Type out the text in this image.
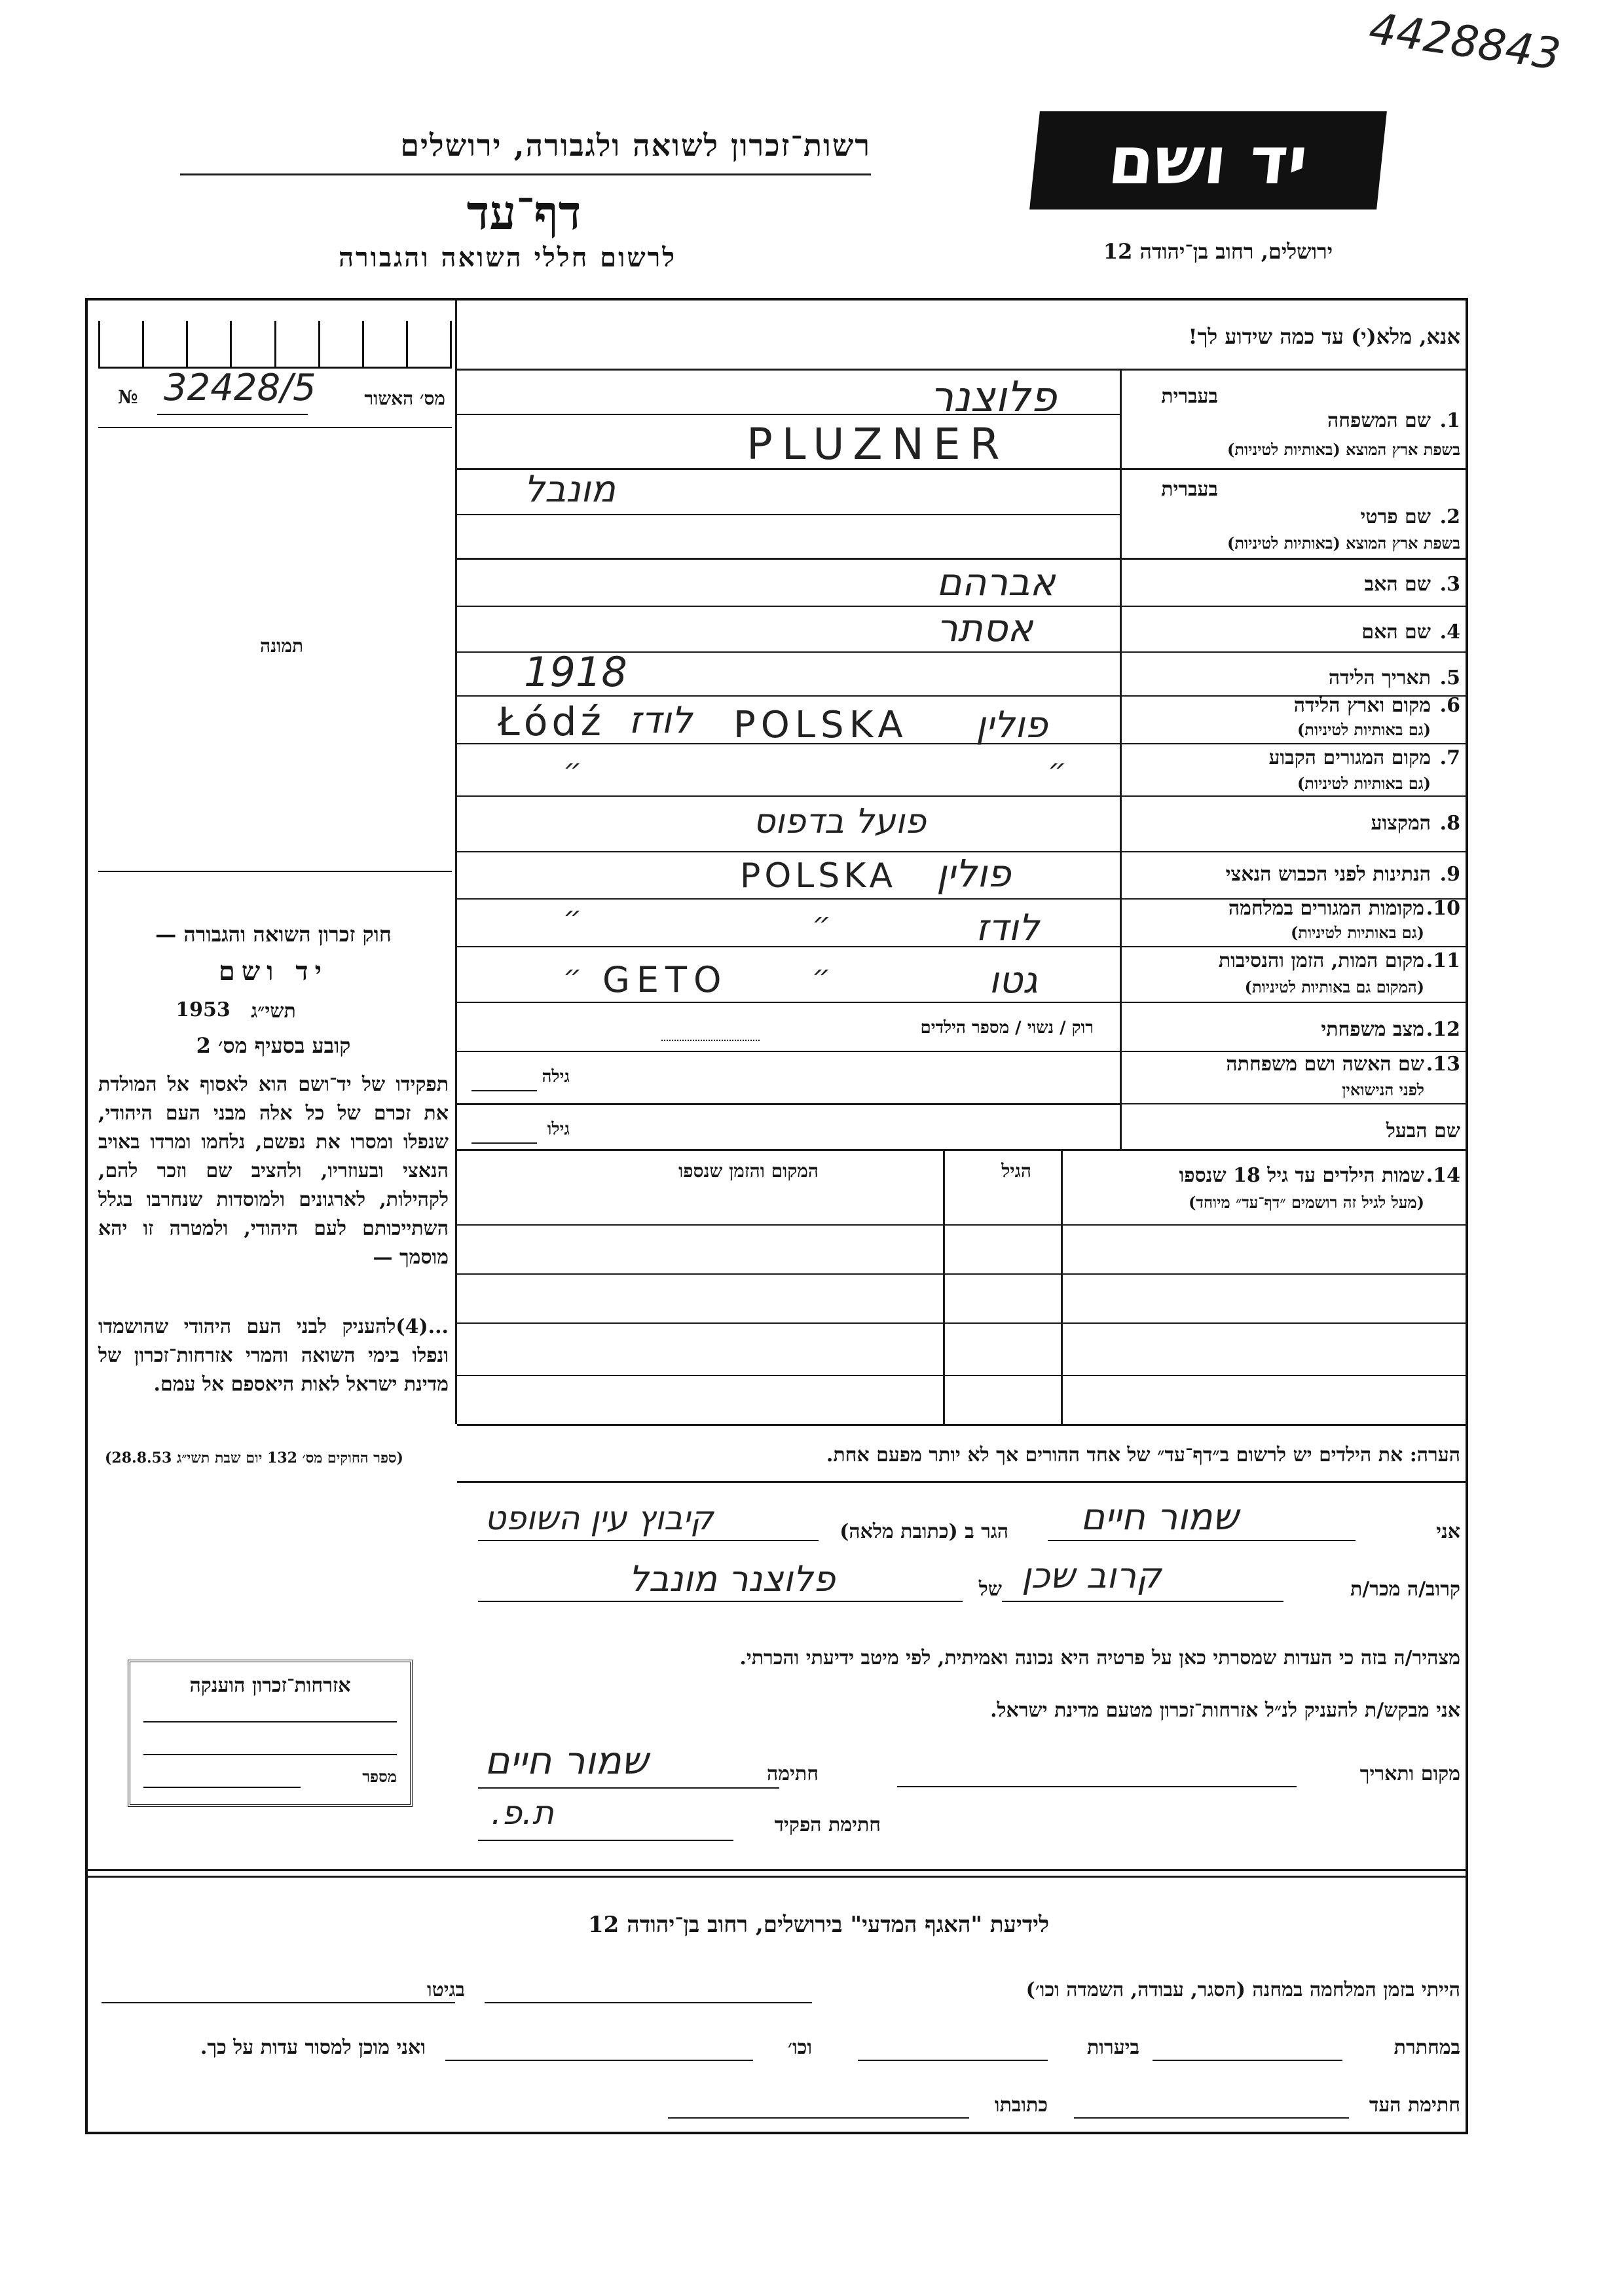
4428843
יד ושם
ירושלים, רחוב בן־יהודה 12
רשות־זכרון לשואה ולגבורה, ירושלים
דף־עד
לרשום חללי השואה והגבורה
№ 32428/5	מס׳ האשור
תמונה
חוק זכרון השואה והגבורה —
יד ושם
תשי״ג
1953
קובע בסעיף מס׳ 2
תפקידו של יד־ושם הוא לאסוף אל המולדת את זכרם של כל אלה מבני העם היהודי, שנפלו ומסרו את נפשם, נלחמו ומרדו באויב הנאצי ובעוזריו, ולהציב שם וזכר להם, לקהילות, לארגונים ולמוסדות שנחרבו בגלל השתייכותם לעם היהודי, ולמטרה זו יהא מוסמך —
...(4)להעניק לבני העם היהודי שהושמדו ונפלו בימי השואה והמרי אזרחות־זכרון של מדינת ישראל לאות היאספם אל עמם.
(ספר החוקים מס׳ 132 יום שבת תשי״ג 28.8.53)
אנא, מלא(י) עד כמה שידוע לך!
בעברית
1.
שם המשפחה
בשפת ארץ המוצא (באותיות לטיניות)
פלוצנר
PLUZNER
בעברית
2.
שם פרטי
בשפת ארץ המוצא (באותיות לטיניות)
מונבל
3.
שם האב
אברהם
4.
שם האם
אסתר
5.
תאריך הלידה
1918
6.
מקום וארץ הלידה
(גם באותיות לטיניות)
Łódź לודז POLSKA פולין
7.
מקום המגורים הקבוע
(גם באותיות לטיניות)
״	״
8.
המקצוע
פועל בדפוס
9.
הנתינות לפני הכבוש הנאצי
POLSKA פולין
10.
מקומות המגורים במלחמה
(גם באותיות לטיניות)
״	״	לודז
11.
מקום המות, הזמן והנסיבות
(המקום גם באותיות לטיניות)
״ GETO	״	גטו
12.
מצב משפחתי
רוק / נשוי / מספר הילדים
13.
שם האשה ושם משפחתה
לפני הנישואין
גילה
שם הבעל
גילו
14.
שמות הילדים עד גיל 18 שנספו
(מעל לגיל זה רושמים ״דף־עד״ מיוחד)
הגיל
המקום והזמן שנספו
הערה: את הילדים יש לרשום ב״דף־עד״ של אחד ההורים אך לא יותר מפעם אחת.
אני
שמור חיים
הגר ב (כתובת מלאה)
קיבוץ עין השופט
קרוב/ה מכר/ת
קרוב שכן
של
פלוצנר מונבל
מצהיר/ה בזה כי העדות שמסרתי כאן על פרטיה היא נכונה ואמיתית, לפי מיטב ידיעתי והכרתי.
אני מבקש/ת להעניק לנ״ל אזרחות־זכרון מטעם מדינת ישראל.
מקום ותאריך
חתימה
שמור חיים
חתימת הפקיד
ת.פ.
אזרחות־זכרון הוענקה
מספר
לידיעת "האגף המדעי" בירושלים, רחוב בן־יהודה 12
הייתי בזמן המלחמה במחנה (הסגר, עבודה, השמדה וכו׳)
בגיטו
במחתרת
ביערות
וכו׳
ואני מוכן למסור עדות על כך.
חתימת העד
כתובתו
